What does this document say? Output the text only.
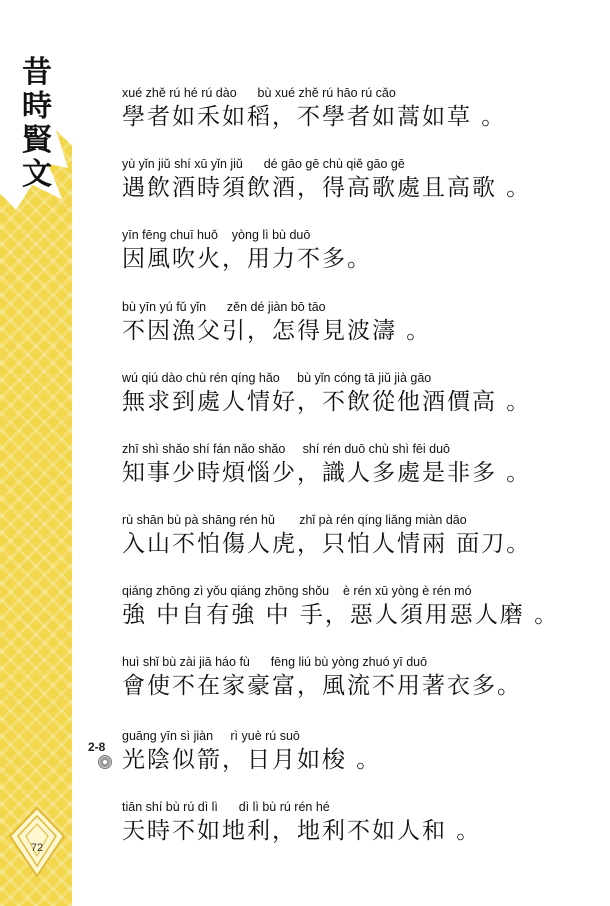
昔時賢文
72
xué zhě rú hé rú dào      bù xué zhě rú hāo rú cǎo
學者如禾如稻，不學者如蒿如草 。
yù yǐn jiǔ shí xū yǐn jiǔ      dé gāo gē chù qiě gāo gē
遇飲酒時須飲酒，得高歌處且高歌 。
yīn fēng chuī huǒ    yòng lì bù duō
因風吹火，用力不多。
bù yīn yú fǔ yǐn      zěn dé jiàn bō tāo
不因漁父引，怎得見波濤 。
wú qiú dào chù rén qíng hǎo     bù yǐn cóng tā jiǔ jià gāo
無求到處人情好，不飲從他酒價高 。
zhī shì shǎo shí fán nǎo shǎo     shí rén duō chù shì fēi duō
知事少時煩惱少，識人多處是非多 。
rù shān bù pà shāng rén hǔ       zhǐ pà rén qíng liǎng miàn dāo
入山不怕傷人虎，只怕人情兩 面刀。
qiáng zhōng zì yǒu qiáng zhōng shǒu    è rén xū yòng è rén mó
強 中自有強 中 手，惡人須用惡人磨 。
huì shǐ bù zài jiā háo fù      fēng liú bù yòng zhuó yī duō
會使不在家豪富，風流不用著衣多。
2-8
guāng yīn sì jiàn     rì yuè rú suō
光陰似箭，日月如梭 。
tiān shí bù rú dì lì      dì lì bù rú rén hé
天時不如地利，地利不如人和 。
